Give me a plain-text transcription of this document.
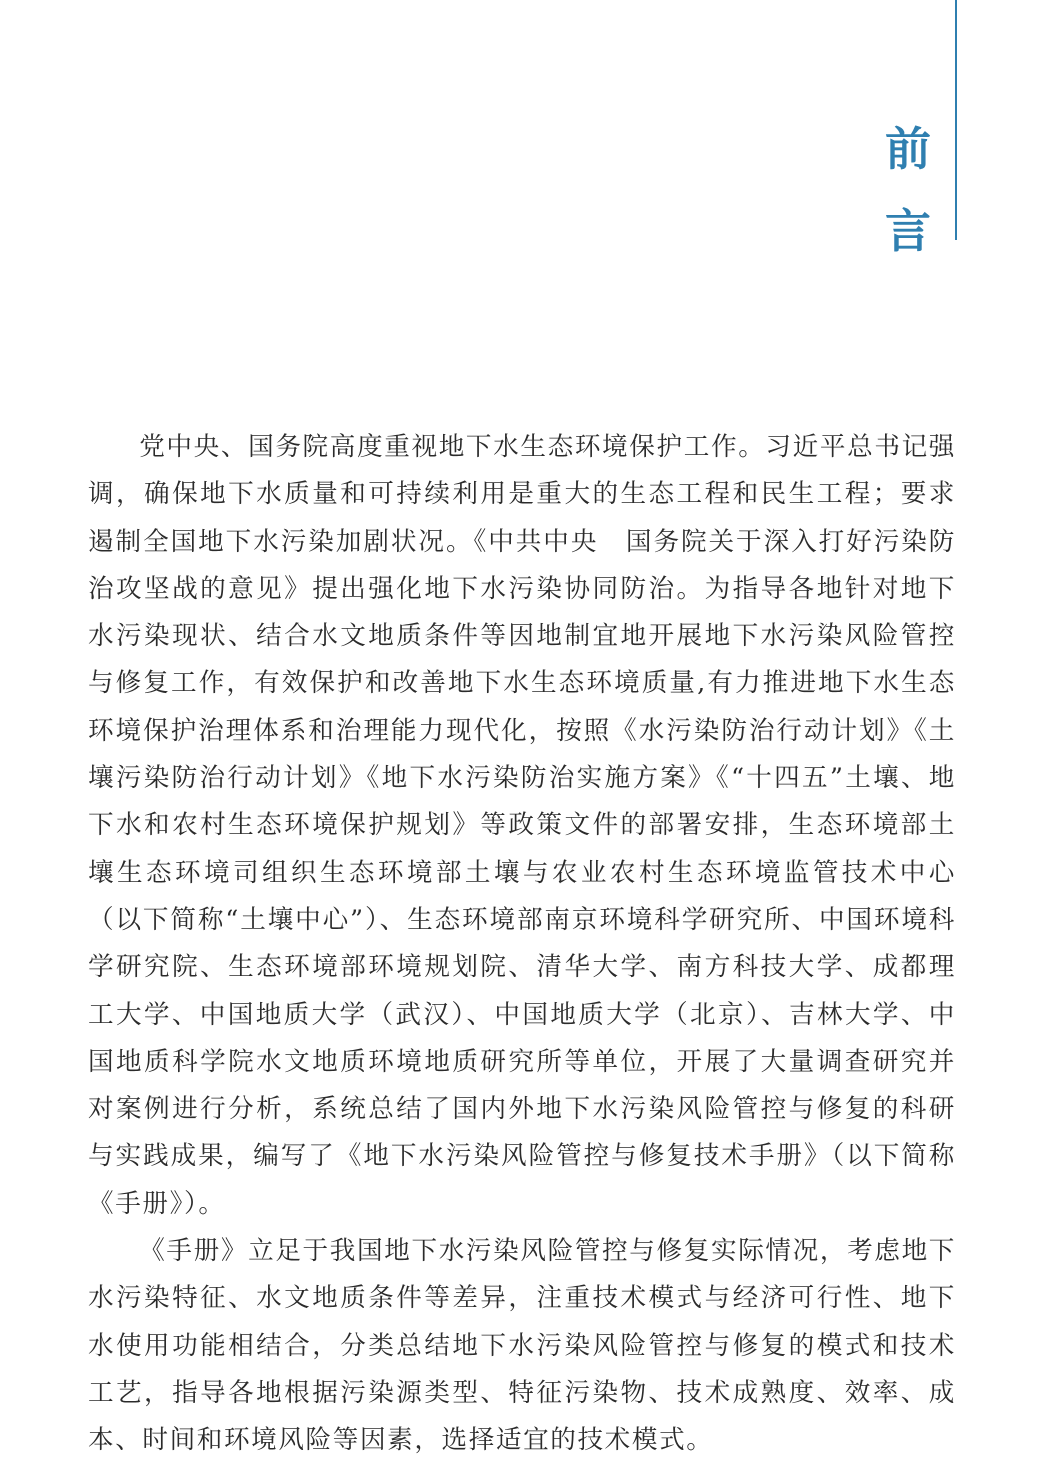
前
言

党中央、国务院高度重视地下水生态环境保护工作。习近平总书记强调，确保地下水质量和可持续利用是重大的生态工程和民生工程；要求遏制全国地下水污染加剧状况。《中共中央　国务院关于深入打好污染防治攻坚战的意见》提出强化地下水污染协同防治。为指导各地针对地下水污染现状、结合水文地质条件等因地制宜地开展地下水污染风险管控与修复工作，有效保护和改善地下水生态环境质量,有力推进地下水生态环境保护治理体系和治理能力现代化，按照《水污染防治行动计划》《土壤污染防治行动计划》《地下水污染防治实施方案》《“十四五”土壤、地下水和农村生态环境保护规划》等政策文件的部署安排，生态环境部土壤生态环境司组织生态环境部土壤与农业农村生态环境监管技术中心（以下简称“土壤中心”）、生态环境部南京环境科学研究所、中国环境科学研究院、生态环境部环境规划院、清华大学、南方科技大学、成都理工大学、中国地质大学（武汉）、中国地质大学（北京）、吉林大学、中国地质科学院水文地质环境地质研究所等单位，开展了大量调查研究并对案例进行分析，系统总结了国内外地下水污染风险管控与修复的科研与实践成果，编写了《地下水污染风险管控与修复技术手册》（以下简称《手册》）。

《手册》立足于我国地下水污染风险管控与修复实际情况，考虑地下水污染特征、水文地质条件等差异，注重技术模式与经济可行性、地下水使用功能相结合，分类总结地下水污染风险管控与修复的模式和技术工艺，指导各地根据污染源类型、特征污染物、技术成熟度、效率、成本、时间和环境风险等因素，选择适宜的技术模式。
